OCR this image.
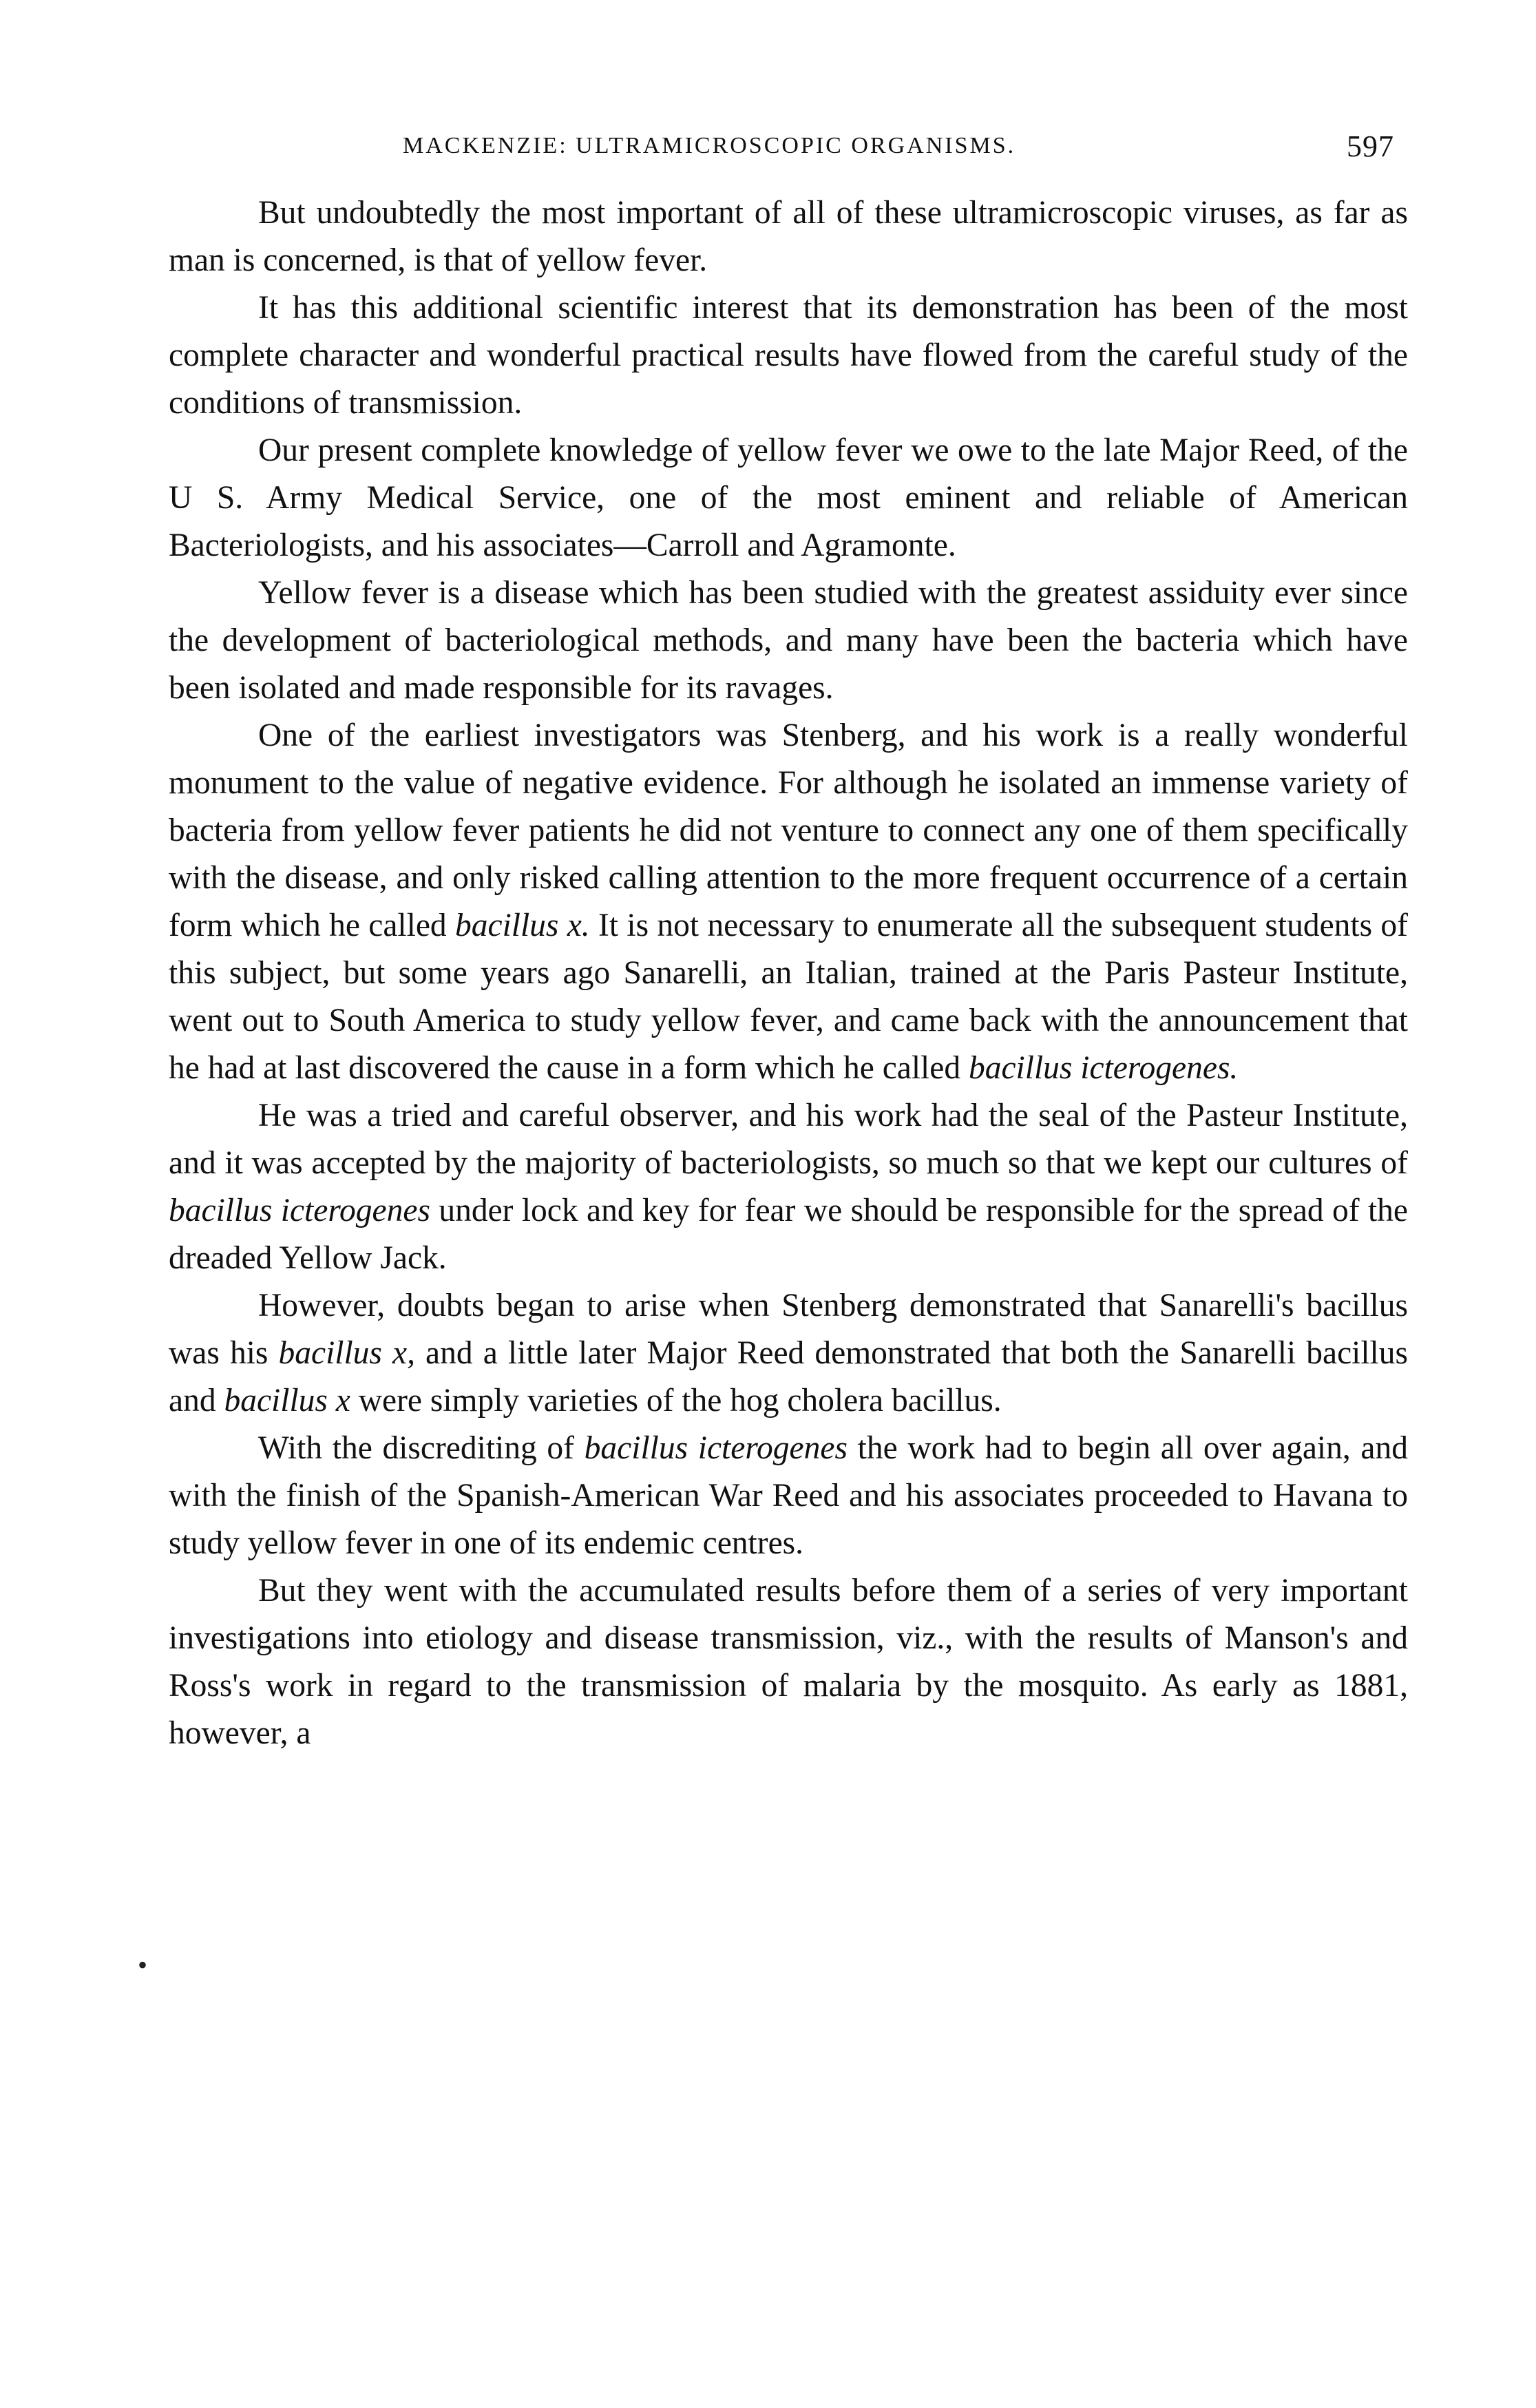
MACKENZIE: ULTRAMICROSCOPIC ORGANISMS.	597

But undoubtedly the most important of all of these ultramicroscopic viruses, as far as man is concerned, is that of yellow fever.

It has this additional scientific interest that its demonstration has been of the most complete character and wonderful practical results have flowed from the careful study of the conditions of transmission.

Our present complete knowledge of yellow fever we owe to the late Major Reed, of the U S. Army Medical Service, one of the most eminent and reliable of American Bacteriologists, and his associates—Carroll and Agramonte.

Yellow fever is a disease which has been studied with the greatest assiduity ever since the development of bacteriological methods, and many have been the bacteria which have been isolated and made responsible for its ravages.

One of the earliest investigators was Stenberg, and his work is a really wonderful monument to the value of negative evidence. For although he isolated an immense variety of bacteria from yellow fever patients he did not venture to connect any one of them specifically with the disease, and only risked calling attention to the more frequent occurrence of a certain form which he called bacillus x. It is not necessary to enumerate all the subsequent students of this subject, but some years ago Sanarelli, an Italian, trained at the Paris Pasteur Institute, went out to South America to study yellow fever, and came back with the announcement that he had at last discovered the cause in a form which he called bacillus icterogenes.

He was a tried and careful observer, and his work had the seal of the Pasteur Institute, and it was accepted by the majority of bacteriologists, so much so that we kept our cultures of bacillus icterogenes under lock and key for fear we should be responsible for the spread of the dreaded Yellow Jack.

However, doubts began to arise when Stenberg demonstrated that Sanarelli's bacillus was his bacillus x, and a little later Major Reed demonstrated that both the Sanarelli bacillus and bacillus x were simply varieties of the hog cholera bacillus.

With the discrediting of bacillus icterogenes the work had to begin all over again, and with the finish of the Spanish-American War Reed and his associates proceeded to Havana to study yellow fever in one of its endemic centres.

But they went with the accumulated results before them of a series of very important investigations into etiology and disease transmission, viz., with the results of Manson's and Ross's work in regard to the transmission of malaria by the mosquito. As early as 1881, however, a

•
